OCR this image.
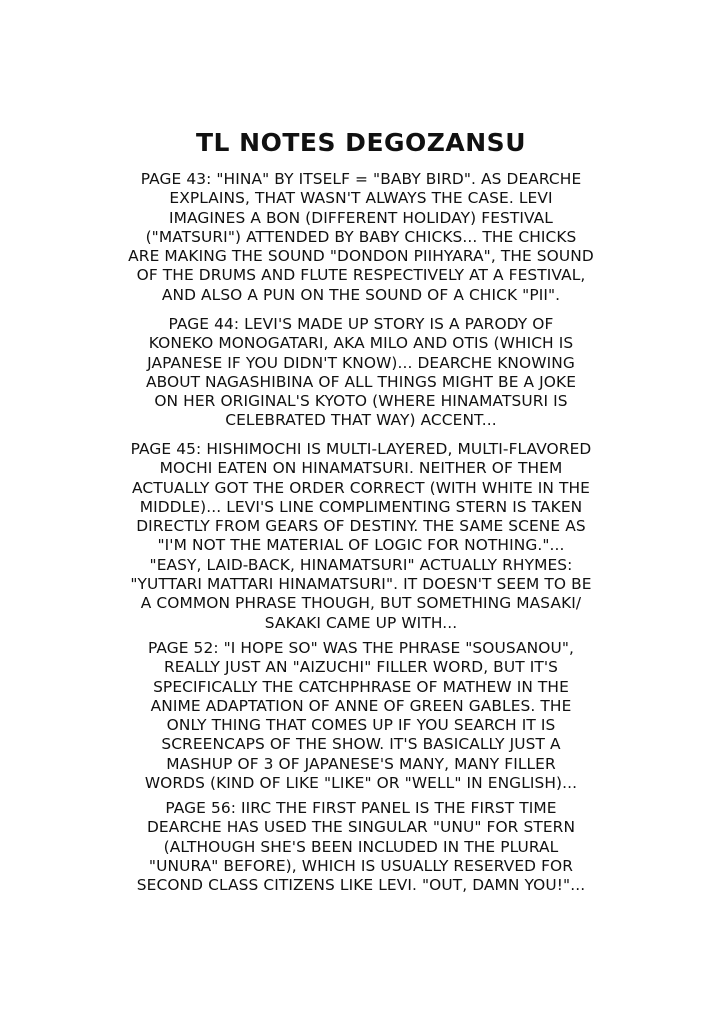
TL NOTES DEGOZANSU
PAGE 43: "HINA" BY ITSELF = "BABY BIRD". AS DEARCHE
EXPLAINS, THAT WASN'T ALWAYS THE CASE. LEVI
IMAGINES A BON (DIFFERENT HOLIDAY) FESTIVAL
("MATSURI") ATTENDED BY BABY CHICKS... THE CHICKS
ARE MAKING THE SOUND "DONDON PIIHYARA", THE SOUND
OF THE DRUMS AND FLUTE RESPECTIVELY AT A FESTIVAL,
AND ALSO A PUN ON THE SOUND OF A CHICK "PII".
PAGE 44: LEVI'S MADE UP STORY IS A PARODY OF
KONEKO MONOGATARI, AKA MILO AND OTIS (WHICH IS
JAPANESE IF YOU DIDN'T KNOW)... DEARCHE KNOWING
ABOUT NAGASHIBINA OF ALL THINGS MIGHT BE A JOKE
ON HER ORIGINAL'S KYOTO (WHERE HINAMATSURI IS
CELEBRATED THAT WAY) ACCENT...
PAGE 45: HISHIMOCHI IS MULTI-LAYERED, MULTI-FLAVORED
MOCHI EATEN ON HINAMATSURI. NEITHER OF THEM
ACTUALLY GOT THE ORDER CORRECT (WITH WHITE IN THE
MIDDLE)... LEVI'S LINE COMPLIMENTING STERN IS TAKEN
DIRECTLY FROM GEARS OF DESTINY. THE SAME SCENE AS
"I'M NOT THE MATERIAL OF LOGIC FOR NOTHING."...
"EASY, LAID-BACK, HINAMATSURI" ACTUALLY RHYMES:
"YUTTARI MATTARI HINAMATSURI". IT DOESN'T SEEM TO BE
A COMMON PHRASE THOUGH, BUT SOMETHING MASAKI/
SAKAKI CAME UP WITH...
PAGE 52: "I HOPE SO" WAS THE PHRASE "SOUSANOU",
REALLY JUST AN "AIZUCHI" FILLER WORD, BUT IT'S
SPECIFICALLY THE CATCHPHRASE OF MATHEW IN THE
ANIME ADAPTATION OF ANNE OF GREEN GABLES. THE
ONLY THING THAT COMES UP IF YOU SEARCH IT IS
SCREENCAPS OF THE SHOW. IT'S BASICALLY JUST A
MASHUP OF 3 OF JAPANESE'S MANY, MANY FILLER
WORDS (KIND OF LIKE "LIKE" OR "WELL" IN ENGLISH)...
PAGE 56: IIRC THE FIRST PANEL IS THE FIRST TIME
DEARCHE HAS USED THE SINGULAR "UNU" FOR STERN
(ALTHOUGH SHE'S BEEN INCLUDED IN THE PLURAL
"UNURA" BEFORE), WHICH IS USUALLY RESERVED FOR
SECOND CLASS CITIZENS LIKE LEVI. "OUT, DAMN YOU!"...
